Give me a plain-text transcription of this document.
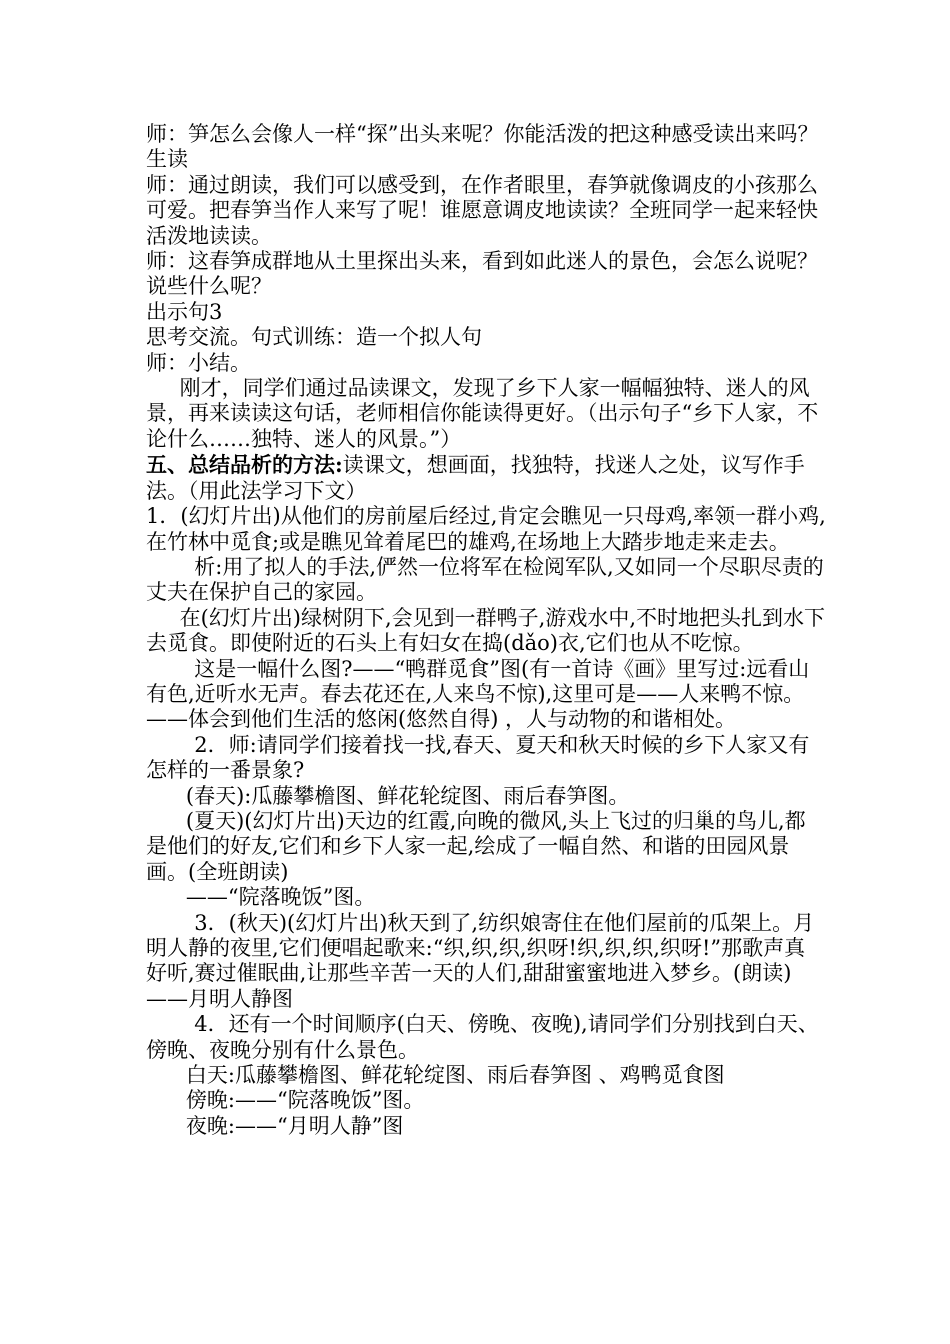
师：笋怎么会像人一样“探”出头来呢？你能活泼的把这种感受读出来吗？

生读

师：通过朗读，我们可以感受到，在作者眼里，春笋就像调皮的小孩那么可爱。把春笋当作人来写了呢！谁愿意调皮地读读？全班同学一起来轻快活泼地读读。

师：这春笋成群地从土里探出头来，看到如此迷人的景色，会怎么说呢？说些什么呢？

出示句3

思考交流。句式训练：造一个拟人句

师：小结。

刚才，同学们通过品读课文，发现了乡下人家一幅幅独特、迷人的风景，再来读读这句话，老师相信你能读得更好。（出示句子“乡下人家，不论什么……独特、迷人的风景。”）

五、总结品析的方法:读课文，想画面，找独特，找迷人之处，议写作手法。（用此法学习下文）

1．(幻灯片出)从他们的房前屋后经过,肯定会瞧见一只母鸡,率领一群小鸡,在竹林中觅食;或是瞧见耸着尾巴的雄鸡,在场地上大踏步地走来走去。

析:用了拟人的手法,俨然一位将军在检阅军队,又如同一个尽职尽责的丈夫在保护自己的家园。

在(幻灯片出)绿树阴下,会见到一群鸭子,游戏水中,不时地把头扎到水下去觅食。即使附近的石头上有妇女在捣(dǎo)衣,它们也从不吃惊。

这是一幅什么图?——“鸭群觅食”图(有一首诗《画》里写过:远看山有色,近听水无声。春去花还在,人来鸟不惊),这里可是——人来鸭不惊。——体会到他们生活的悠闲(悠然自得) ，人与动物的和谐相处。

2．师:请同学们接着找一找,春天、夏天和秋天时候的乡下人家又有怎样的一番景象?

(春天):瓜藤攀檐图、鲜花轮绽图、雨后春笋图。

(夏天)(幻灯片出)天边的红霞,向晚的微风,头上飞过的归巢的鸟儿,都是他们的好友,它们和乡下人家一起,绘成了一幅自然、和谐的田园风景画。(全班朗读)

——“院落晚饭”图。

3．(秋天)(幻灯片出)秋天到了,纺织娘寄住在他们屋前的瓜架上。月明人静的夜里,它们便唱起歌来:“织,织,织,织呀!织,织,织,织呀!”那歌声真好听,赛过催眠曲,让那些辛苦一天的人们,甜甜蜜蜜地进入梦乡。(朗读)——月明人静图

4．还有一个时间顺序(白天、傍晚、夜晚),请同学们分别找到白天、傍晚、夜晚分别有什么景色。

白天:瓜藤攀檐图、鲜花轮绽图、雨后春笋图 、鸡鸭觅食图

傍晚:——“院落晚饭”图。

夜晚:——“月明人静”图
